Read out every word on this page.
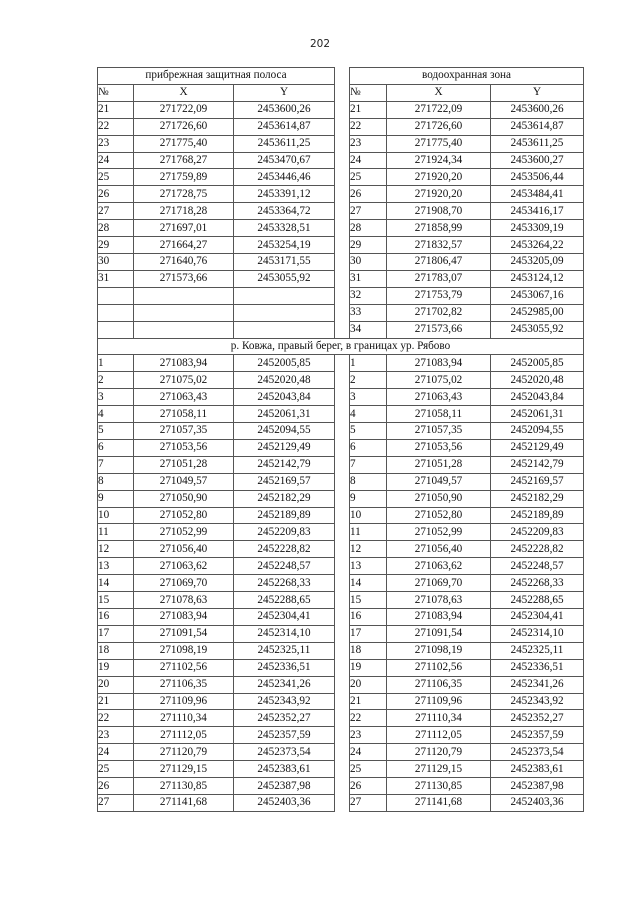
202
прибрежная защитная полоса				водоохранная зона		
№	X	Y		№	X	Y
21	271722,09	2453600,26		21	271722,09	2453600,26
22	271726,60	2453614,87		22	271726,60	2453614,87
23	271775,40	2453611,25		23	271775,40	2453611,25
24	271768,27	2453470,67		24	271924,34	2453600,27
25	271759,89	2453446,46		25	271920,20	2453506,44
26	271728,75	2453391,12		26	271920,20	2453484,41
27	271718,28	2453364,72		27	271908,70	2453416,17
28	271697,01	2453328,51		28	271858,99	2453309,19
29	271664,27	2453254,19		29	271832,57	2453264,22
30	271640,76	2453171,55		30	271806,47	2453205,09
31	271573,66	2453055,92		31	271783,07	2453124,12
				32	271753,79	2453067,16
				33	271702,82	2452985,00
				34	271573,66	2453055,92
р. Ковжа, правый берег, в границах ур. Рябово						
1	271083,94	2452005,85		1	271083,94	2452005,85
2	271075,02	2452020,48		2	271075,02	2452020,48
3	271063,43	2452043,84		3	271063,43	2452043,84
4	271058,11	2452061,31		4	271058,11	2452061,31
5	271057,35	2452094,55		5	271057,35	2452094,55
6	271053,56	2452129,49		6	271053,56	2452129,49
7	271051,28	2452142,79		7	271051,28	2452142,79
8	271049,57	2452169,57		8	271049,57	2452169,57
9	271050,90	2452182,29		9	271050,90	2452182,29
10	271052,80	2452189,89		10	271052,80	2452189,89
11	271052,99	2452209,83		11	271052,99	2452209,83
12	271056,40	2452228,82		12	271056,40	2452228,82
13	271063,62	2452248,57		13	271063,62	2452248,57
14	271069,70	2452268,33		14	271069,70	2452268,33
15	271078,63	2452288,65		15	271078,63	2452288,65
16	271083,94	2452304,41		16	271083,94	2452304,41
17	271091,54	2452314,10		17	271091,54	2452314,10
18	271098,19	2452325,11		18	271098,19	2452325,11
19	271102,56	2452336,51		19	271102,56	2452336,51
20	271106,35	2452341,26		20	271106,35	2452341,26
21	271109,96	2452343,92		21	271109,96	2452343,92
22	271110,34	2452352,27		22	271110,34	2452352,27
23	271112,05	2452357,59		23	271112,05	2452357,59
24	271120,79	2452373,54		24	271120,79	2452373,54
25	271129,15	2452383,61		25	271129,15	2452383,61
26	271130,85	2452387,98		26	271130,85	2452387,98
27	271141,68	2452403,36		27	271141,68	2452403,36
